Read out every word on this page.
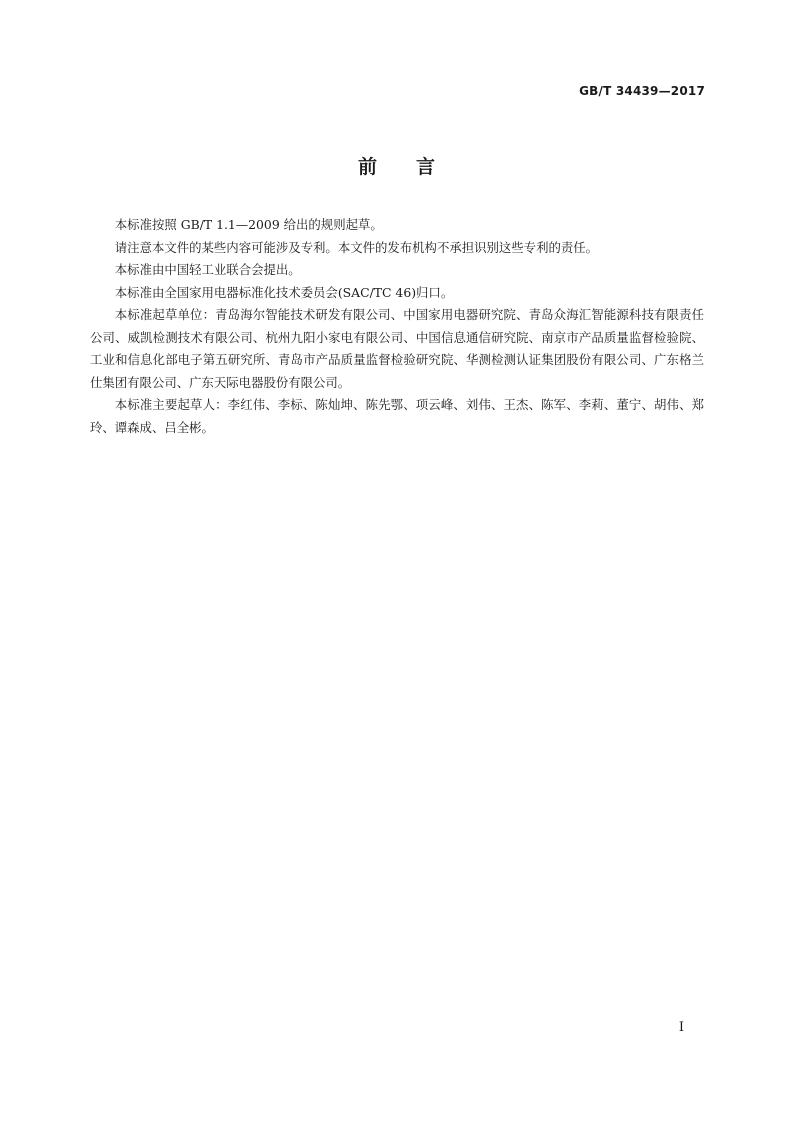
GB/T 34439—2017
前 言

本标准按照 GB/T 1.1—2009 给出的规则起草。

请注意本文件的某些内容可能涉及专利。本文件的发布机构不承担识别这些专利的责任。

本标准由中国轻工业联合会提出。

本标准由全国家用电器标准化技术委员会(SAC/TC 46)归口。

本标准起草单位：青岛海尔智能技术研发有限公司、中国家用电器研究院、青岛众海汇智能源科技有限责任公司、威凯检测技术有限公司、杭州九阳小家电有限公司、中国信息通信研究院、南京市产品质量监督检验院、工业和信息化部电子第五研究所、青岛市产品质量监督检验研究院、华测检测认证集团股份有限公司、广东格兰仕集团有限公司、广东天际电器股份有限公司。

本标准主要起草人：李红伟、李标、陈灿坤、陈先鄂、项云峰、刘伟、王杰、陈军、李莉、董宁、胡伟、郑玲、谭森成、吕全彬。

I
